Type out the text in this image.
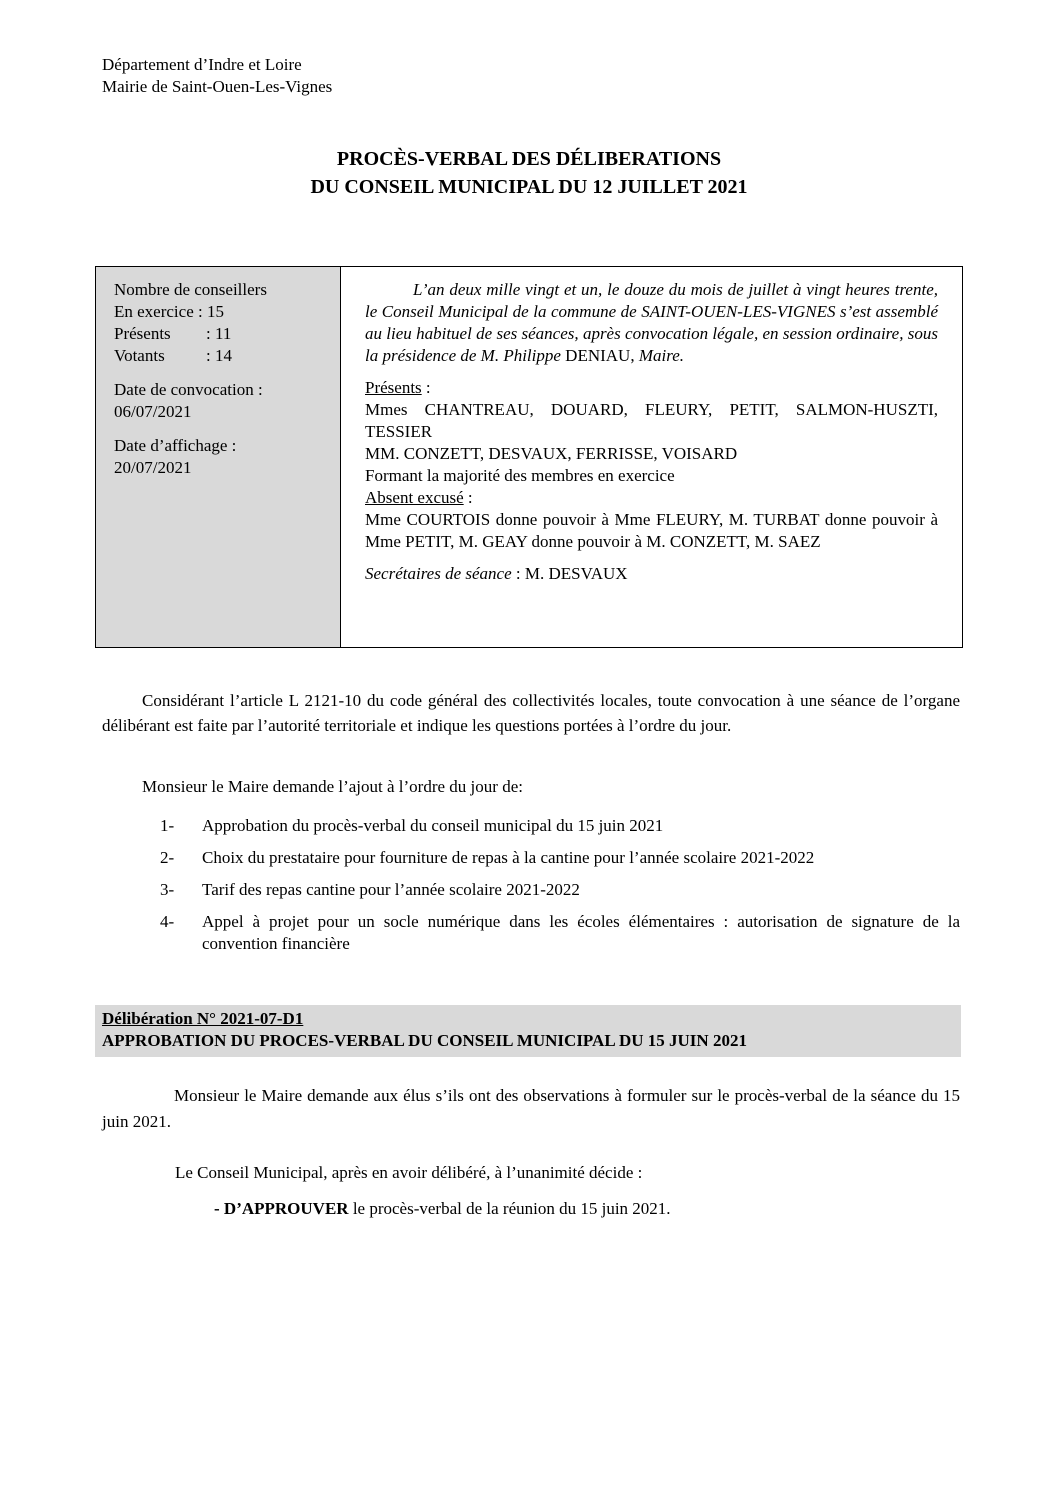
Département d’Indre et Loire
Mairie de Saint-Ouen-Les-Vignes
PROCÈS-VERBAL DES DÉLIBERATIONS
DU CONSEIL MUNICIPAL DU 12 JUILLET 2021
Nombre de conseillers
En exercice : 15
Présents	: 11
Votants	: 14
Date de convocation :
06/07/2021
Date d’affichage :
20/07/2021

L’an deux mille vingt et un, le douze du mois de juillet à vingt heures trente, le Conseil Municipal de la commune de SAINT-OUEN-LES-VIGNES s’est assemblé au lieu habituel de ses séances, après convocation légale, en session ordinaire, sous la présidence de M. Philippe DENIAU, Maire.

Présents :

Mmes CHANTREAU, DOUARD, FLEURY, PETIT, SALMON-HUSZTI, TESSIER

MM. CONZETT, DESVAUX, FERRISSE, VOISARD

Formant la majorité des membres en exercice

Absent excusé :

Mme COURTOIS donne pouvoir à Mme FLEURY, M. TURBAT donne pouvoir à Mme PETIT, M. GEAY donne pouvoir à M. CONZETT, M. SAEZ

Secrétaires de séance : M. DESVAUX

Considérant l’article L 2121-10 du code général des collectivités locales, toute convocation à une séance de l’organe délibérant est faite par l’autorité territoriale et indique les questions portées à l’ordre du jour.

Monsieur le Maire demande l’ajout à l’ordre du jour de:

1-	Approbation du procès-verbal du conseil municipal du 15 juin 2021
2-	Choix du prestataire pour fourniture de repas à la cantine pour l’année scolaire 2021-2022
3-	Tarif des repas cantine pour l’année scolaire 2021-2022
4-	Appel à projet pour un socle numérique dans les écoles élémentaires : autorisation de signature de la convention financière
Délibération N° 2021-07-D1
APPROBATION DU PROCES-VERBAL DU CONSEIL MUNICIPAL DU 15 JUIN 2021

Monsieur le Maire demande aux élus s’ils ont des observations à formuler sur le procès-verbal de la séance du 15 juin 2021.

Le Conseil Municipal, après en avoir délibéré, à l’unanimité décide :

- D’APPROUVER le procès-verbal de la réunion du 15 juin 2021.
